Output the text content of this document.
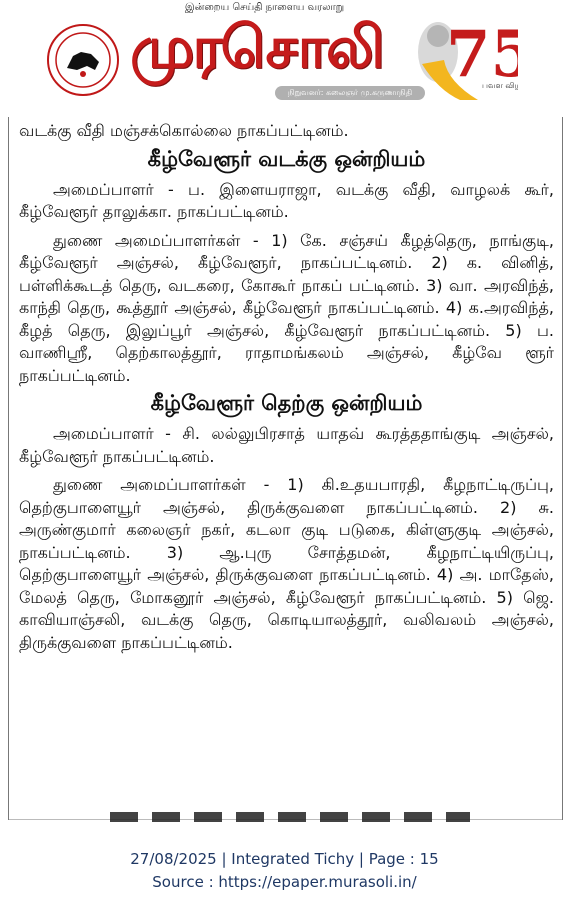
இன்றைய செய்தி நாளைய வரலாறு
முரசொலி
நிறுவனர்: கலைஞர் மு.கருணாநிதி
75
பவள வி

வடக்கு வீதி மஞ்சக்கொல்லை நாகப்பட்டினம்.

கீழ்வேளூர் வடக்கு ஒன்றியம்

அமைப்பாளர் - ப. இளையராஜா, வடக்கு வீதி, வாழலக் கூர், கீழ்வேளூர் தாலுக்கா. நாகப்பட்டினம்.

துணை அமைப்பாளர்கள் - 1) கே. சஞ்சய் கீழத்தெரு, நாங்குடி, கீழ்வேளூர் அஞ்சல், கீழ்வேளூர், நாகப்பட்டினம். 2) க. வினித், பள்ளிக்கூடத் தெரு, வடகரை, கோகூர் நாகப் பட்டினம். 3) வா. அரவிந்த், காந்தி தெரு, கூத்தூர் அஞ்சல், கீழ்வேளூர் நாகப்பட்டினம். 4) க.அரவிந்த், கீழத் தெரு, இலுப்பூர் அஞ்சல், கீழ்வேளூர் நாகப்பட்டினம். 5) ப. வாணிஸ்ரீ, தெற்காலத்தூர், ராதாமங்கலம் அஞ்சல், கீழ்வே ளூர் நாகப்பட்டினம்.

கீழ்வேளூர் தெற்கு ஒன்றியம்

அமைப்பாளர் - சி. லல்லுபிரசாத் யாதவ் கூரத்ததாங்குடி அஞ்சல், கீழ்வேளூர் நாகப்பட்டினம்.

துணை அமைப்பாளர்கள் - 1) கி.உதயபாரதி, கீழநாட்டிருப்பு, தெற்குபாளையூர் அஞ்சல், திருக்குவளை நாகப்பட்டினம். 2) சு. அருண்குமார் கலைஞர் நகர், கடலா குடி படுகை, கிள்ளுகுடி அஞ்சல், நாகப்பட்டினம். 3) ஆ.புரு சோத்தமன், கீழநாட்டியிருப்பு, தெற்குபாளையூர் அஞ்சல், திருக்குவளை நாகப்பட்டினம். 4) அ. மாதேஸ், மேலத் தெரு, மோகனூர் அஞ்சல், கீழ்வேளூர் நாகப்பட்டினம். 5) ஜெ. காவியாஞ்சலி, வடக்கு தெரு, கொடியாலத்தூர், வலிவலம் அஞ்சல், திருக்குவளை நாகப்பட்டினம்.

27/08/2025 | Integrated Tichy | Page : 15
Source : https://epaper.murasoli.in/
